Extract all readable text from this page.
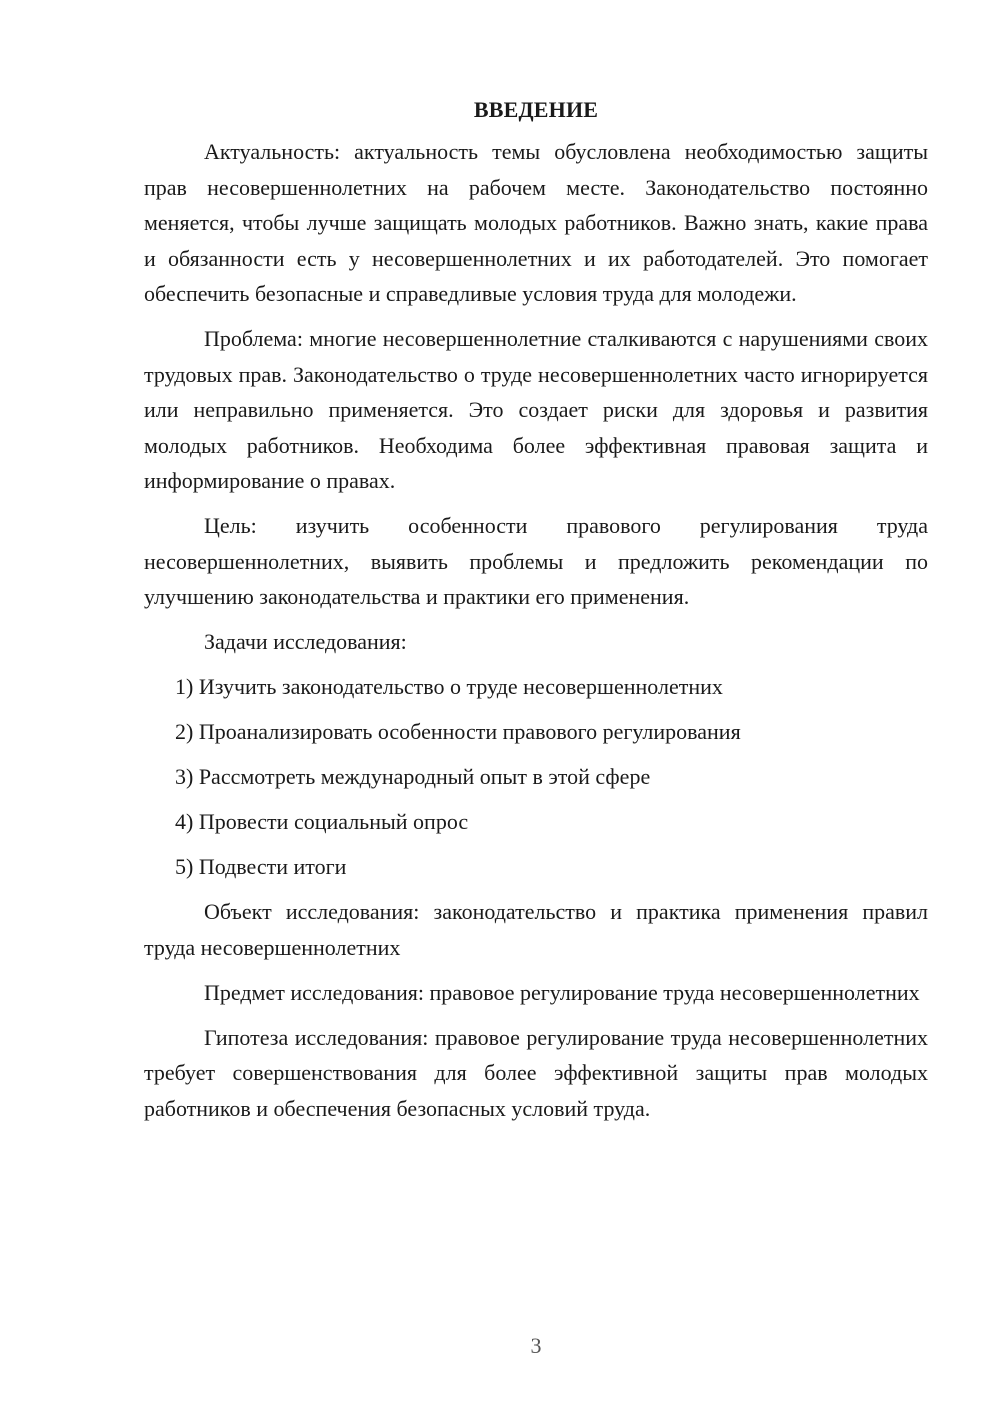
ВВЕДЕНИЕ

Актуальность: актуальность темы обусловлена необходимостью защиты прав несовершеннолетних на рабочем месте. Законодательство постоянно меняется, чтобы лучше защищать молодых работников. Важно знать, какие права и обязанности есть у несовершеннолетних и их работодателей. Это помогает обеспечить безопасные и справедливые условия труда для молодежи.

Проблема: многие несовершеннолетние сталкиваются с нарушениями своих трудовых прав. Законодательство о труде несовершеннолетних часто игнорируется или неправильно применяется. Это создает риски для здоровья и развития молодых работников. Необходима более эффективная правовая защита и информирование о правах.

Цель: изучить особенности правового регулирования труда несовершеннолетних, выявить проблемы и предложить рекомендации по улучшению законодательства и практики его применения.

Задачи исследования:

1) Изучить законодательство о труде несовершеннолетних
2) Проанализировать особенности правового регулирования
3) Рассмотреть международный опыт в этой сфере
4) Провести социальный опрос
5) Подвести итоги

Объект исследования: законодательство и практика применения правил труда несовершеннолетних

Предмет исследования: правовое регулирование труда несовершеннолетних

Гипотеза исследования: правовое регулирование труда несовершеннолетних требует совершенствования для более эффективной защиты прав молодых работников и обеспечения безопасных условий труда.

3
